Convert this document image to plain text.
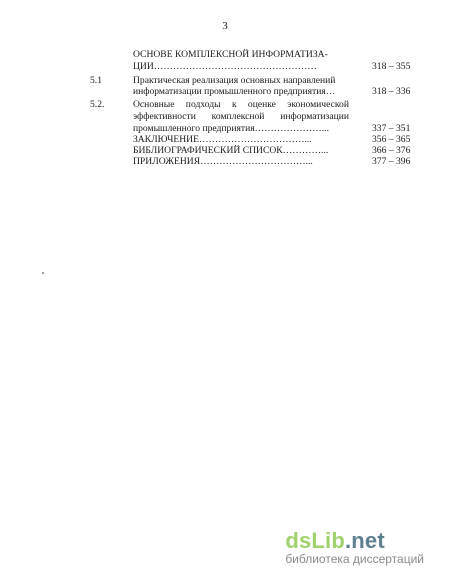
3
ОСНОВЕ КОМПЛЕКСНОЙ ИНФОРМАТИЗА-
ЦИИ……………………………………………	318 – 355
5.1	Практическая реализация основных направлений
информатизации промышленного предприятия…	318 – 336
5.2.	Основные подходы к оценке экономической
эффективности комплексной информатизации
промышленного предприятия…………………...	337 – 351
ЗАКЛЮЧЕНИЕ……………………………...	356 – 365
БИБЛИОГРАФИЧЕСКИЙ СПИСОК…………...	366 – 376
ПРИЛОЖЕНИЯ……………………………...	377 – 396
dsLib.net
библиотека диссертаций
